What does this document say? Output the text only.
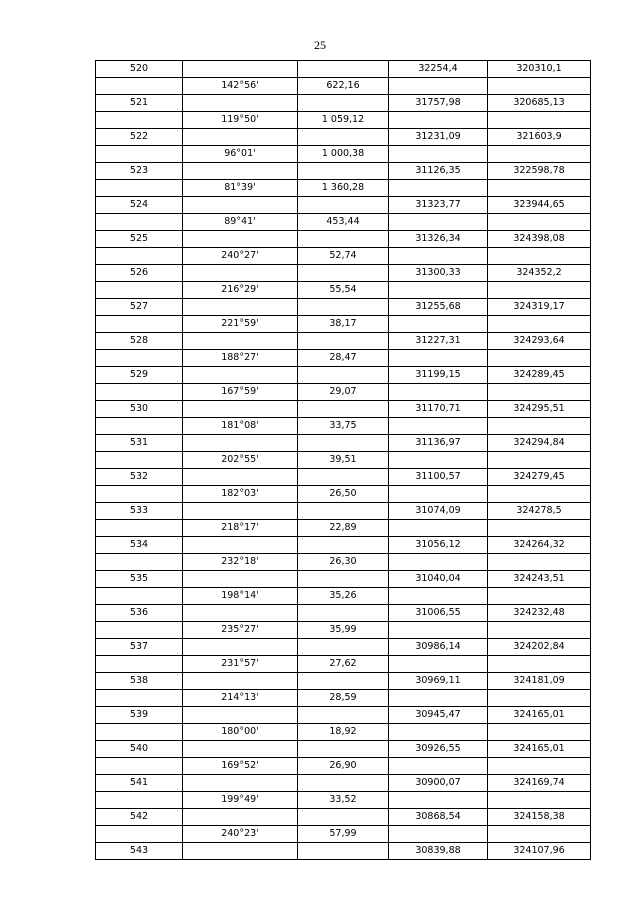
25
520			32254,4	320310,1
	142°56'	622,16		
521			31757,98	320685,13
	119°50'	1 059,12		
522			31231,09	321603,9
	96°01'	1 000,38		
523			31126,35	322598,78
	81°39'	1 360,28		
524			31323,77	323944,65
	89°41'	453,44		
525			31326,34	324398,08
	240°27'	52,74		
526			31300,33	324352,2
	216°29'	55,54		
527			31255,68	324319,17
	221°59'	38,17		
528			31227,31	324293,64
	188°27'	28,47		
529			31199,15	324289,45
	167°59'	29,07		
530			31170,71	324295,51
	181°08'	33,75		
531			31136,97	324294,84
	202°55'	39,51		
532			31100,57	324279,45
	182°03'	26,50		
533			31074,09	324278,5
	218°17'	22,89		
534			31056,12	324264,32
	232°18'	26,30		
535			31040,04	324243,51
	198°14'	35,26		
536			31006,55	324232,48
	235°27'	35,99		
537			30986,14	324202,84
	231°57'	27,62		
538			30969,11	324181,09
	214°13'	28,59		
539			30945,47	324165,01
	180°00'	18,92		
540			30926,55	324165,01
	169°52'	26,90		
541			30900,07	324169,74
	199°49'	33,52		
542			30868,54	324158,38
	240°23'	57,99		
543			30839,88	324107,96
